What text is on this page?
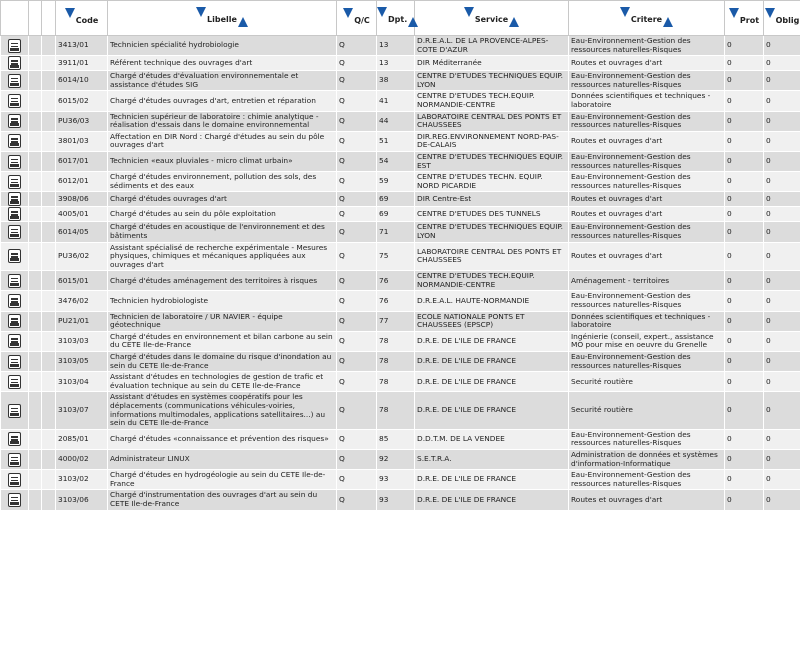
			Code	Libelle	Q/C	Dpt.	Service	Critere	Prot	Oblig

			3413/01	Technicien spécialité hydrobiologie	Q	13	D.R.E.A.L. DE LA PROVENCE-ALPES-COTE D'AZUR	Eau-Environnement-Gestion des ressources naturelles-Risques	0	0
			3911/01	Référent technique des ouvrages d'art	Q	13	DIR Méditerranée	Routes et ouvrages d'art	0	0
			6014/10	Chargé d'études d'évaluation environnementale et assistance d'études SIG	Q	38	CENTRE D'ETUDES TECHNIQUES EQUIP. LYON	Eau-Environnement-Gestion des ressources naturelles-Risques	0	0
			6015/02	Chargé d'études ouvrages d'art, entretien et réparation	Q	41	CENTRE D'ETUDES TECH.EQUIP. NORMANDIE-CENTRE	Données scientifiques et techniques - laboratoire	0	0
			PU36/03	Technicien supérieur de laboratoire : chimie analytique - réalisation d'essais dans le domaine environnemental	Q	44	LABORATOIRE CENTRAL DES PONTS ET CHAUSSEES	Eau-Environnement-Gestion des ressources naturelles-Risques	0	0
			3801/03	Affectation en DIR Nord : Chargé d'études au sein du pôle ouvrages d'art	Q	51	DIR.REG.ENVIRONNEMENT NORD-PAS-DE-CALAIS	Routes et ouvrages d'art	0	0
			6017/01	Technicien «eaux pluviales - micro climat urbain»	Q	54	CENTRE D'ETUDES TECHNIQUES EQUIP. EST	Eau-Environnement-Gestion des ressources naturelles-Risques	0	0
			6012/01	Chargé d'études environnement, pollution des sols, des sédiments et des eaux	Q	59	CENTRE D'ETUDES TECHN. EQUIP. NORD PICARDIE	Eau-Environnement-Gestion des ressources naturelles-Risques	0	0
			3908/06	Chargé d'études ouvrages d'art	Q	69	DIR Centre-Est	Routes et ouvrages d'art	0	0
			4005/01	Chargé d'études au sein du pôle exploitation	Q	69	CENTRE D'ETUDES DES TUNNELS	Routes et ouvrages d'art	0	0
			6014/05	Chargé d'études en acoustique de l'environnement et des bâtiments	Q	71	CENTRE D'ETUDES TECHNIQUES EQUIP. LYON	Eau-Environnement-Gestion des ressources naturelles-Risques	0	0
			PU36/02	Assistant spécialisé de recherche expérimentale - Mesures physiques, chimiques et mécaniques appliquées aux ouvrages d'art	Q	75	LABORATOIRE CENTRAL DES PONTS ET CHAUSSEES	Routes et ouvrages d'art	0	0
			6015/01	Chargé d'études aménagement des territoires à risques	Q	76	CENTRE D'ETUDES TECH.EQUIP. NORMANDIE-CENTRE	Aménagement - territoires	0	0
			3476/02	Technicien hydrobiologiste	Q	76	D.R.E.A.L. HAUTE-NORMANDIE	Eau-Environnement-Gestion des ressources naturelles-Risques	0	0
			PU21/01	Technicien de laboratoire / UR NAVIER - équipe géotechnique	Q	77	ECOLE NATIONALE PONTS ET CHAUSSEES (EPSCP)	Données scientifiques et techniques - laboratoire	0	0
			3103/03	Chargé d'études en environnement et bilan carbone au sein du CETE Ile-de-France	Q	78	D.R.E. DE L'ILE DE FRANCE	Ingénierie (conseil, expert., assistance MO pour mise en oeuvre du Grenelle	0	0
			3103/05	Chargé d'études dans le domaine du risque d'inondation au sein du CETE Ile-de-France	Q	78	D.R.E. DE L'ILE DE FRANCE	Eau-Environnement-Gestion des ressources naturelles-Risques	0	0
			3103/04	Assistant d'études en technologies de gestion de trafic et évaluation technique au sein du CETE Ile-de-France	Q	78	D.R.E. DE L'ILE DE FRANCE	Securité routière	0	0
			3103/07	Assistant d'études en systèmes coopératifs pour les déplacements (communications véhicules-voiries, informations multimodales, applications satellitaires...) au sein du CETE Ile-de-France	Q	78	D.R.E. DE L'ILE DE FRANCE	Securité routière	0	0
			2085/01	Chargé d'études «connaissance et prévention des risques»	Q	85	D.D.T.M. DE LA VENDEE	Eau-Environnement-Gestion des ressources naturelles-Risques	0	0
			4000/02	Administrateur LINUX	Q	92	S.E.T.R.A.	Administration de données et systèmes d'information-Informatique	0	0
			3103/02	Chargé d'études en hydrogéologie au sein du CETE Ile-de-France	Q	93	D.R.E. DE L'ILE DE FRANCE	Eau-Environnement-Gestion des ressources naturelles-Risques	0	0
			3103/06	Chargé d'instrumentation des ouvrages d'art au sein du CETE Ile-de-France	Q	93	D.R.E. DE L'ILE DE FRANCE	Routes et ouvrages d'art	0	0
